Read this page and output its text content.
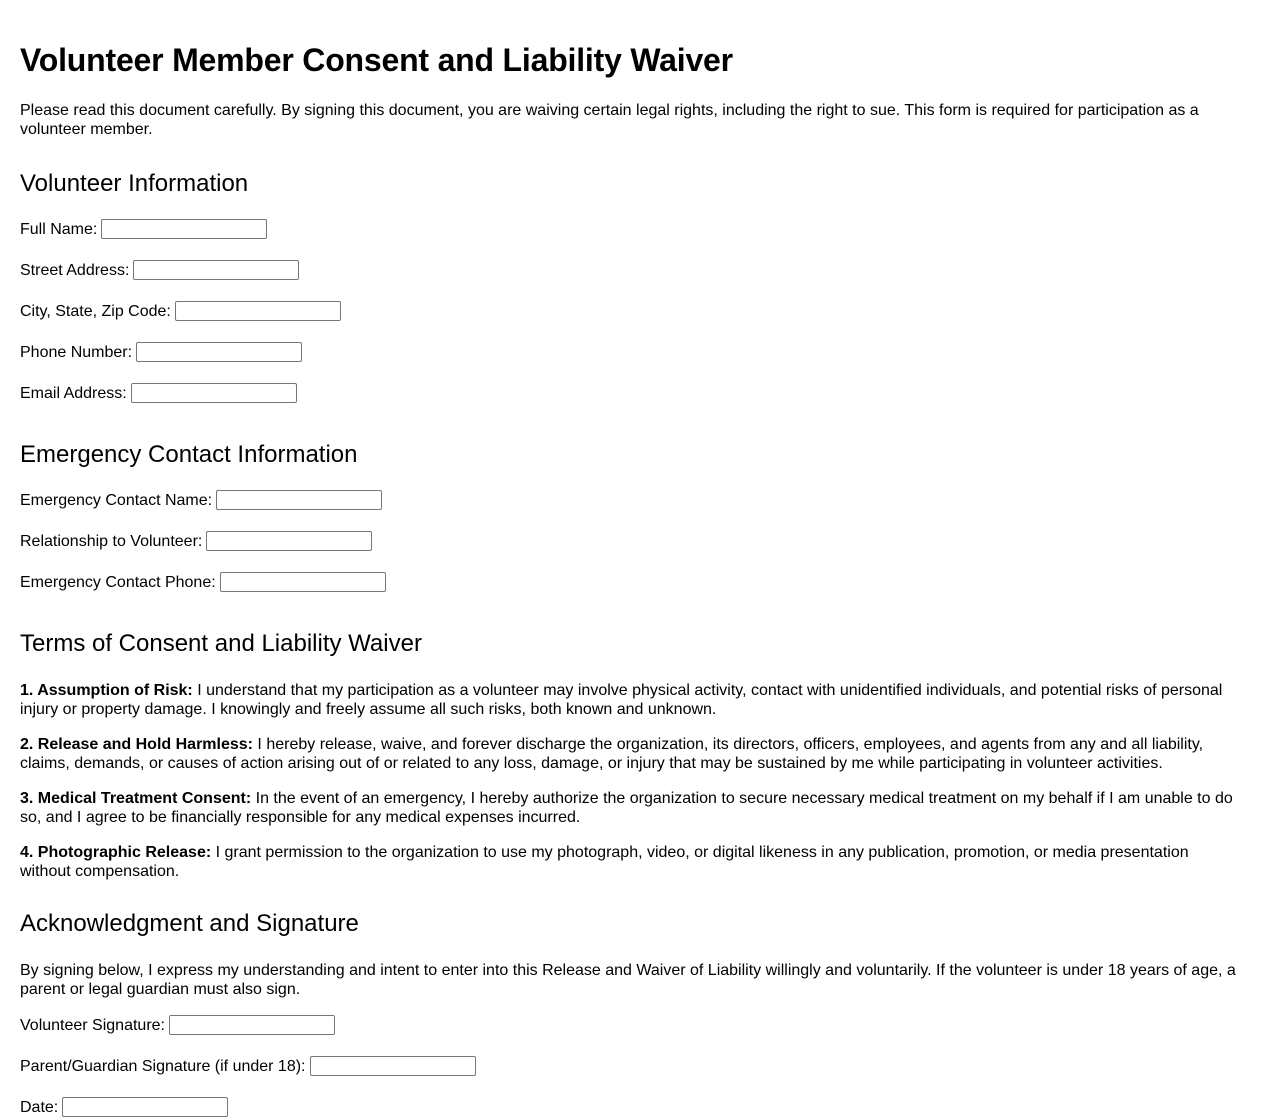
Volunteer Member Consent and Liability Waiver

Please read this document carefully. By signing this document, you are waiving certain legal rights, including the right to sue. This form is required for participation as a volunteer member.

Volunteer Information
Full Name:
Street Address:
City, State, Zip Code:
Phone Number:
Email Address:
Emergency Contact Information
Emergency Contact Name:
Relationship to Volunteer:
Emergency Contact Phone:
Terms of Consent and Liability Waiver

1. Assumption of Risk: I understand that my participation as a volunteer may involve physical activity, contact with unidentified individuals, and potential risks of personal injury or property damage. I knowingly and freely assume all such risks, both known and unknown.

2. Release and Hold Harmless: I hereby release, waive, and forever discharge the organization, its directors, officers, employees, and agents from any and all liability, claims, demands, or causes of action arising out of or related to any loss, damage, or injury that may be sustained by me while participating in volunteer activities.

3. Medical Treatment Consent: In the event of an emergency, I hereby authorize the organization to secure necessary medical treatment on my behalf if I am unable to do so, and I agree to be financially responsible for any medical expenses incurred.

4. Photographic Release: I grant permission to the organization to use my photograph, video, or digital likeness in any publication, promotion, or media presentation without compensation.

Acknowledgment and Signature

By signing below, I express my understanding and intent to enter into this Release and Waiver of Liability willingly and voluntarily. If the volunteer is under 18 years of age, a parent or legal guardian must also sign.

Volunteer Signature:
Parent/Guardian Signature (if under 18):
Date:
